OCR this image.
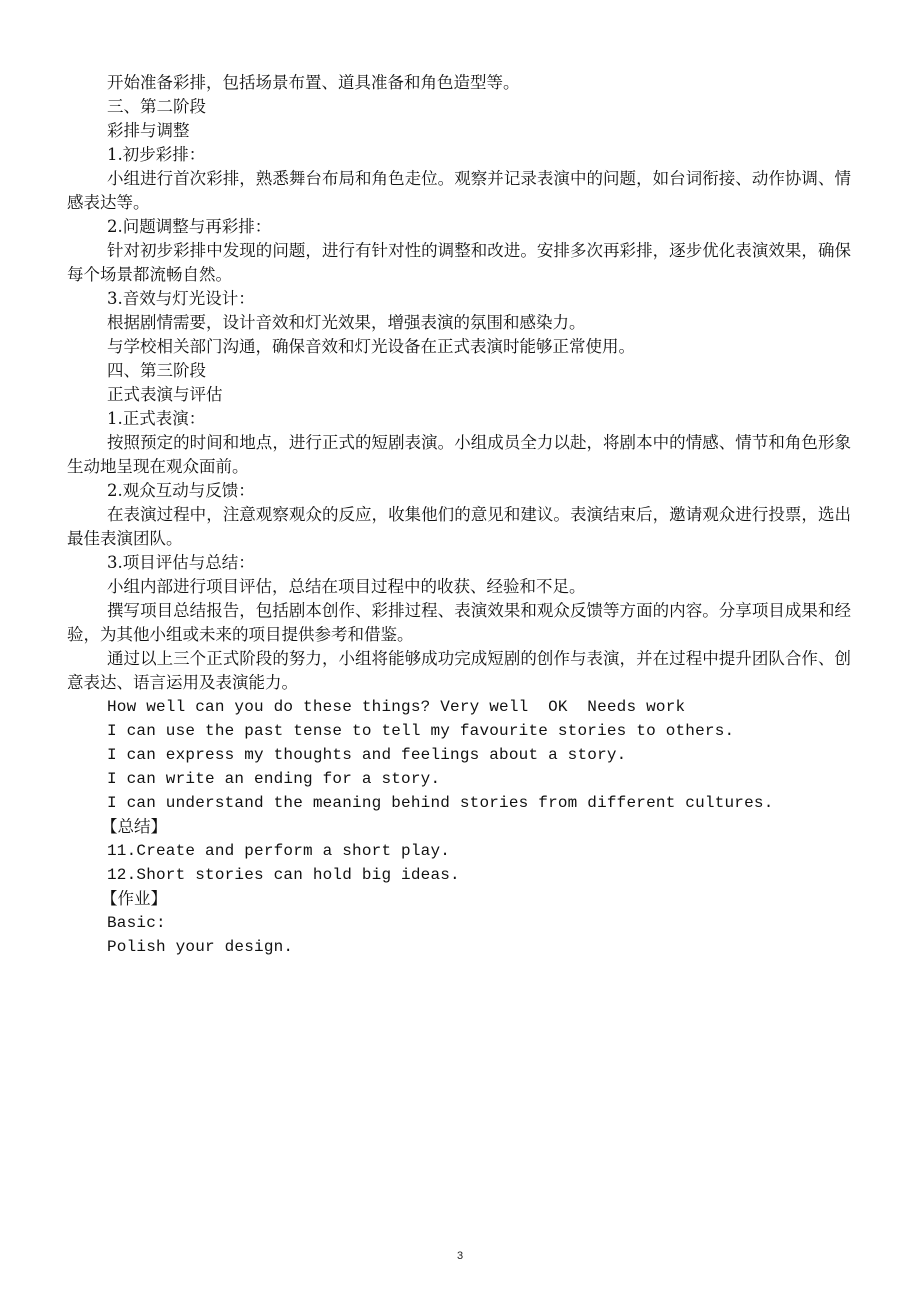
开始准备彩排，包括场景布置、道具准备和角色造型等。

三、第二阶段

彩排与调整

1.初步彩排：

小组进行首次彩排，熟悉舞台布局和角色走位。观察并记录表演中的问题，如台词衔接、动作协调、情感表达等。

2.问题调整与再彩排：

针对初步彩排中发现的问题，进行有针对性的调整和改进。安排多次再彩排，逐步优化表演效果，确保每个场景都流畅自然。

3.音效与灯光设计：

根据剧情需要，设计音效和灯光效果，增强表演的氛围和感染力。

与学校相关部门沟通，确保音效和灯光设备在正式表演时能够正常使用。

四、第三阶段

正式表演与评估

1.正式表演：

按照预定的时间和地点，进行正式的短剧表演。小组成员全力以赴，将剧本中的情感、情节和角色形象生动地呈现在观众面前。

2.观众互动与反馈：

在表演过程中，注意观察观众的反应，收集他们的意见和建议。表演结束后，邀请观众进行投票，选出最佳表演团队。

3.项目评估与总结：

小组内部进行项目评估，总结在项目过程中的收获、经验和不足。

撰写项目总结报告，包括剧本创作、彩排过程、表演效果和观众反馈等方面的内容。分享项目成果和经验，为其他小组或未来的项目提供参考和借鉴。

通过以上三个正式阶段的努力，小组将能够成功完成短剧的创作与表演，并在过程中提升团队合作、创意表达、语言运用及表演能力。

How well can you do these things? Very well  OK  Needs work

I can use the past tense to tell my favourite stories to others.

I can express my thoughts and feelings about a story.

I can write an ending for a story.

I can understand the meaning behind stories from different cultures.

【总结】

11.Create and perform a short play.

12.Short stories can hold big ideas.

【作业】

Basic:

Polish your design.

3
